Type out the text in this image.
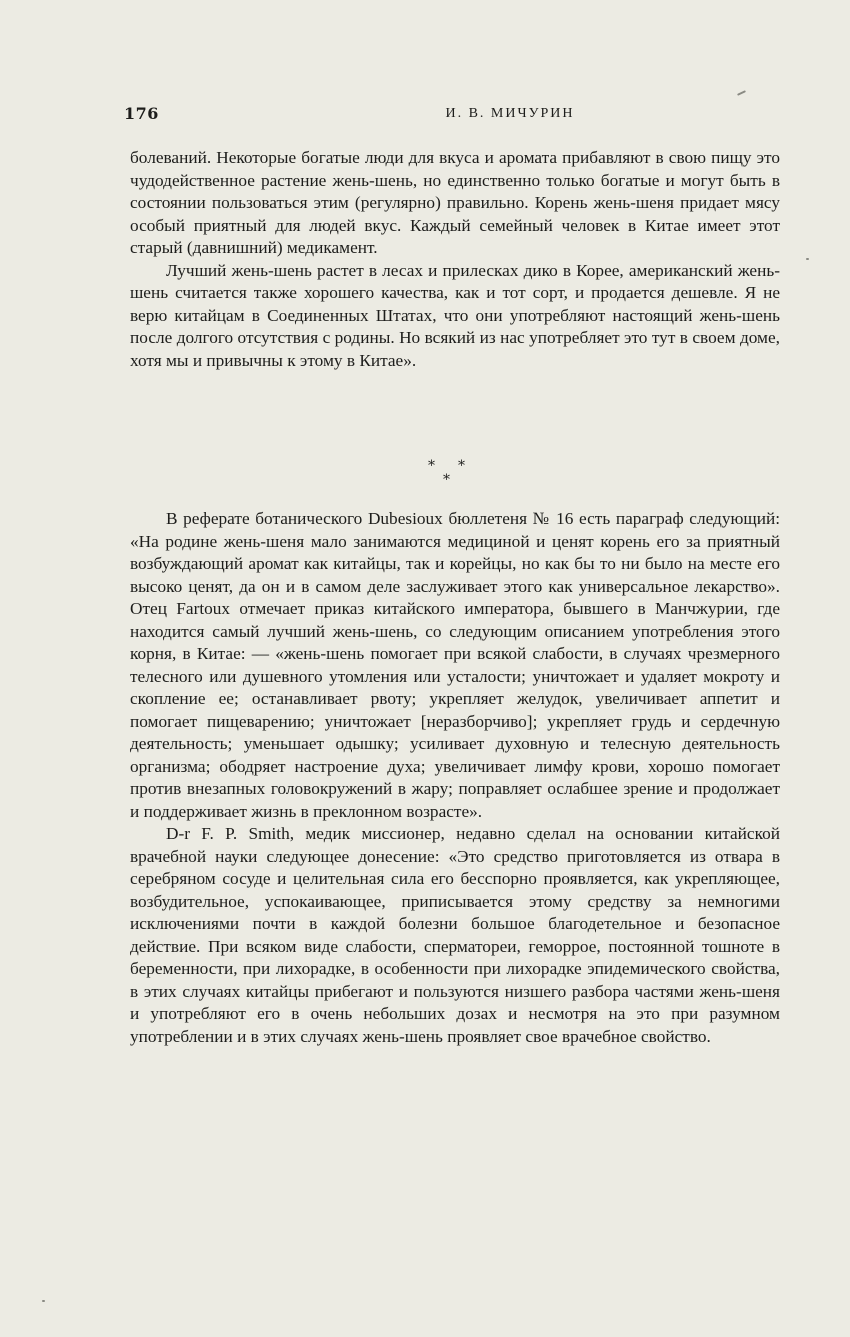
176	И. В. МИЧУРИН

болеваний. Некоторые богатые люди для вкуса и аромата прибавляют в свою пищу это чудодейственное растение жень-шень, но единственно только богатые и могут быть в состоянии пользоваться этим (регулярно) правильно. Корень жень-шеня придает мясу особый приятный для людей вкус. Каждый семейный человек в Китае имеет этот старый (давнишний) медикамент.

Лучший жень-шень растет в лесах и прилесках дико в Корее, американский жень-шень считается также хорошего качества, как и тот сорт, и продается дешевле. Я не верю китайцам в Соединенных Штатах, что они употребляют настоящий жень-шень после долгого отсутствия с родины. Но всякий из нас употребляет это тут в своем доме, хотя мы и привычны к этому в Китае».

* *
*

В реферате ботанического Dubesioux бюллетеня № 16 есть параграф следующий: «На родине жень-шеня мало занимаются медициной и ценят корень его за приятный возбуждающий аромат как китайцы, так и корейцы, но как бы то ни было на месте его высоко ценят, да он и в самом деле заслуживает этого как универсальное лекарство». Отец Fartoux отмечает приказ китайского императора, бывшего в Манчжурии, где находится самый лучший жень-шень, со следующим описанием употребления этого корня, в Китае: — «жень-шень помогает при всякой слабости, в случаях чрезмерного телесного или душевного утомления или усталости; уничтожает и удаляет мокроту и скопление ее; останавливает рвоту; укрепляет желудок, увеличивает аппетит и помогает пищеварению; уничтожает [неразборчиво]; укрепляет грудь и сердечную деятельность; уменьшает одышку; усиливает духовную и телесную деятельность организма; ободряет настроение духа; увеличивает лимфу крови, хорошо помогает против внезапных головокружений в жару; поправляет ослабшее зрение и продолжает и поддерживает жизнь в преклонном возрасте».

D-r F. P. Smith, медик миссионер, недавно сделал на основании китайской врачебной науки следующее донесение: «Это средство приготовляется из отвара в серебряном сосуде и целительная сила его бесспорно проявляется, как укрепляющее, возбудительное, успокаивающее, приписывается этому средству за немногими исключениями почти в каждой болезни большое благодетельное и безопасное действие. При всяком виде слабости, сперматореи, геморрое, постоянной тошноте в беременности, при лихорадке, в особенности при лихорадке эпидемического свойства, в этих случаях китайцы прибегают и пользуются низшего разбора частями жень-шеня и употребляют его в очень небольших дозах и несмотря на это при разумном употреблении и в этих случаях жень-шень проявляет свое врачебное свойство.
